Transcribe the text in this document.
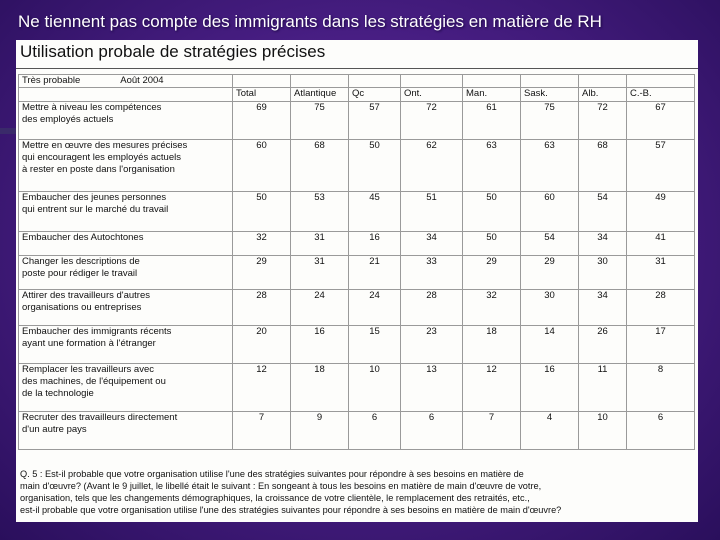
Ne tiennent pas compte des immigrants dans les stratégies en matière de RH
Utilisation probale de stratégies précises
Très probable Août 2004								
	Total	Atlantique	Qc	Ont.	Man.	Sask.	Alb.	C.-B.

Mettre à niveau les compétences
des employés actuels	69	75	57	72	61	75	72	67

Mettre en œuvre des mesures précises
qui encouragent les employés actuels
à rester en poste dans l'organisation	60	68	50	62	63	63	68	57

Embaucher des jeunes personnes
qui entrent sur le marché du travail	50	53	45	51	50	60	54	49

Embaucher des Autochtones	32	31	16	34	50	54	34	41

Changer les descriptions de
poste pour rédiger le travail	29	31	21	33	29	29	30	31

Attirer des travailleurs d'autres
organisations ou entreprises	28	24	24	28	32	30	34	28

Embaucher des immigrants récents
ayant une formation à l'étranger	20	16	15	23	18	14	26	17

Remplacer les travailleurs avec
des machines, de l'équipement ou
de la technologie	12	18	10	13	12	16	11	8

Recruter des travailleurs directement
d'un autre pays	7	9	6	6	7	4	10	6
Q. 5 : Est-il probable que votre organisation utilise l'une des stratégies suivantes pour répondre à ses besoins en matière de
main d'œuvre? (Avant le 9 juillet, le libellé était le suivant : En songeant à tous les besoins en matière de main d'œuvre de votre,
organisation, tels que les changements démographiques, la croissance de votre clientèle, le remplacement des retraités, etc.,
est-il probable que votre organisation utilise l'une des stratégies suivantes pour répondre à ses besoins en matière de main d'œuvre?
